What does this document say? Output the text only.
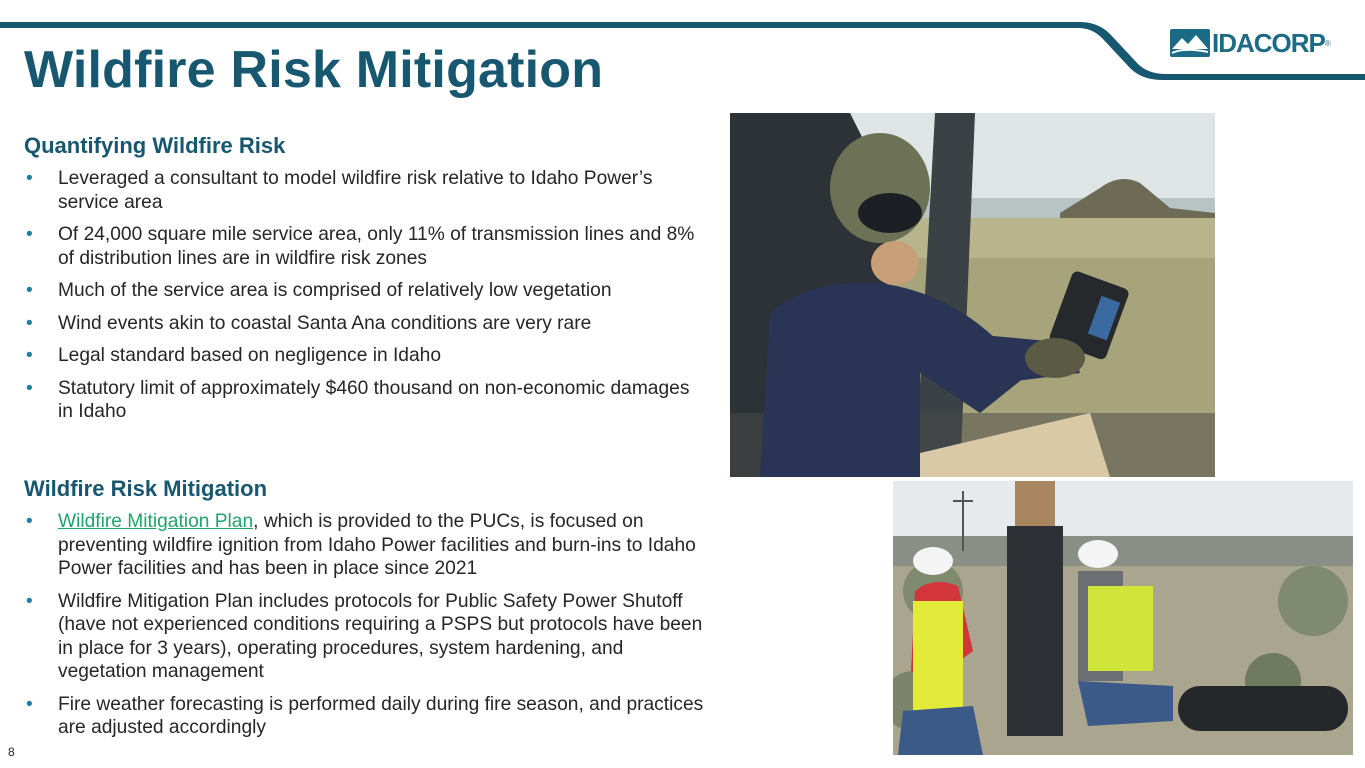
IDACORP ®
Wildfire Risk Mitigation
Quantifying Wildfire Risk
• Leveraged a consultant to model wildfire risk relative to Idaho Power’s service area
• Of 24,000 square mile service area, only 11% of transmission lines and 8% of distribution lines are in wildfire risk zones
• Much of the service area is comprised of relatively low vegetation
• Wind events akin to coastal Santa Ana conditions are very rare
• Legal standard based on negligence in Idaho
• Statutory limit of approximately $460 thousand on non-economic damages in Idaho
Wildfire Risk Mitigation
• Wildfire Mitigation Plan, which is provided to the PUCs, is focused on preventing wildfire ignition from Idaho Power facilities and burn-ins to Idaho Power facilities and has been in place since 2021
• Wildfire Mitigation Plan includes protocols for Public Safety Power Shutoff (have not experienced conditions requiring a PSPS but protocols have been in place for 3 years), operating procedures, system hardening, and vegetation management
• Fire weather forecasting is performed daily during fire season, and practices are adjusted accordingly
8
